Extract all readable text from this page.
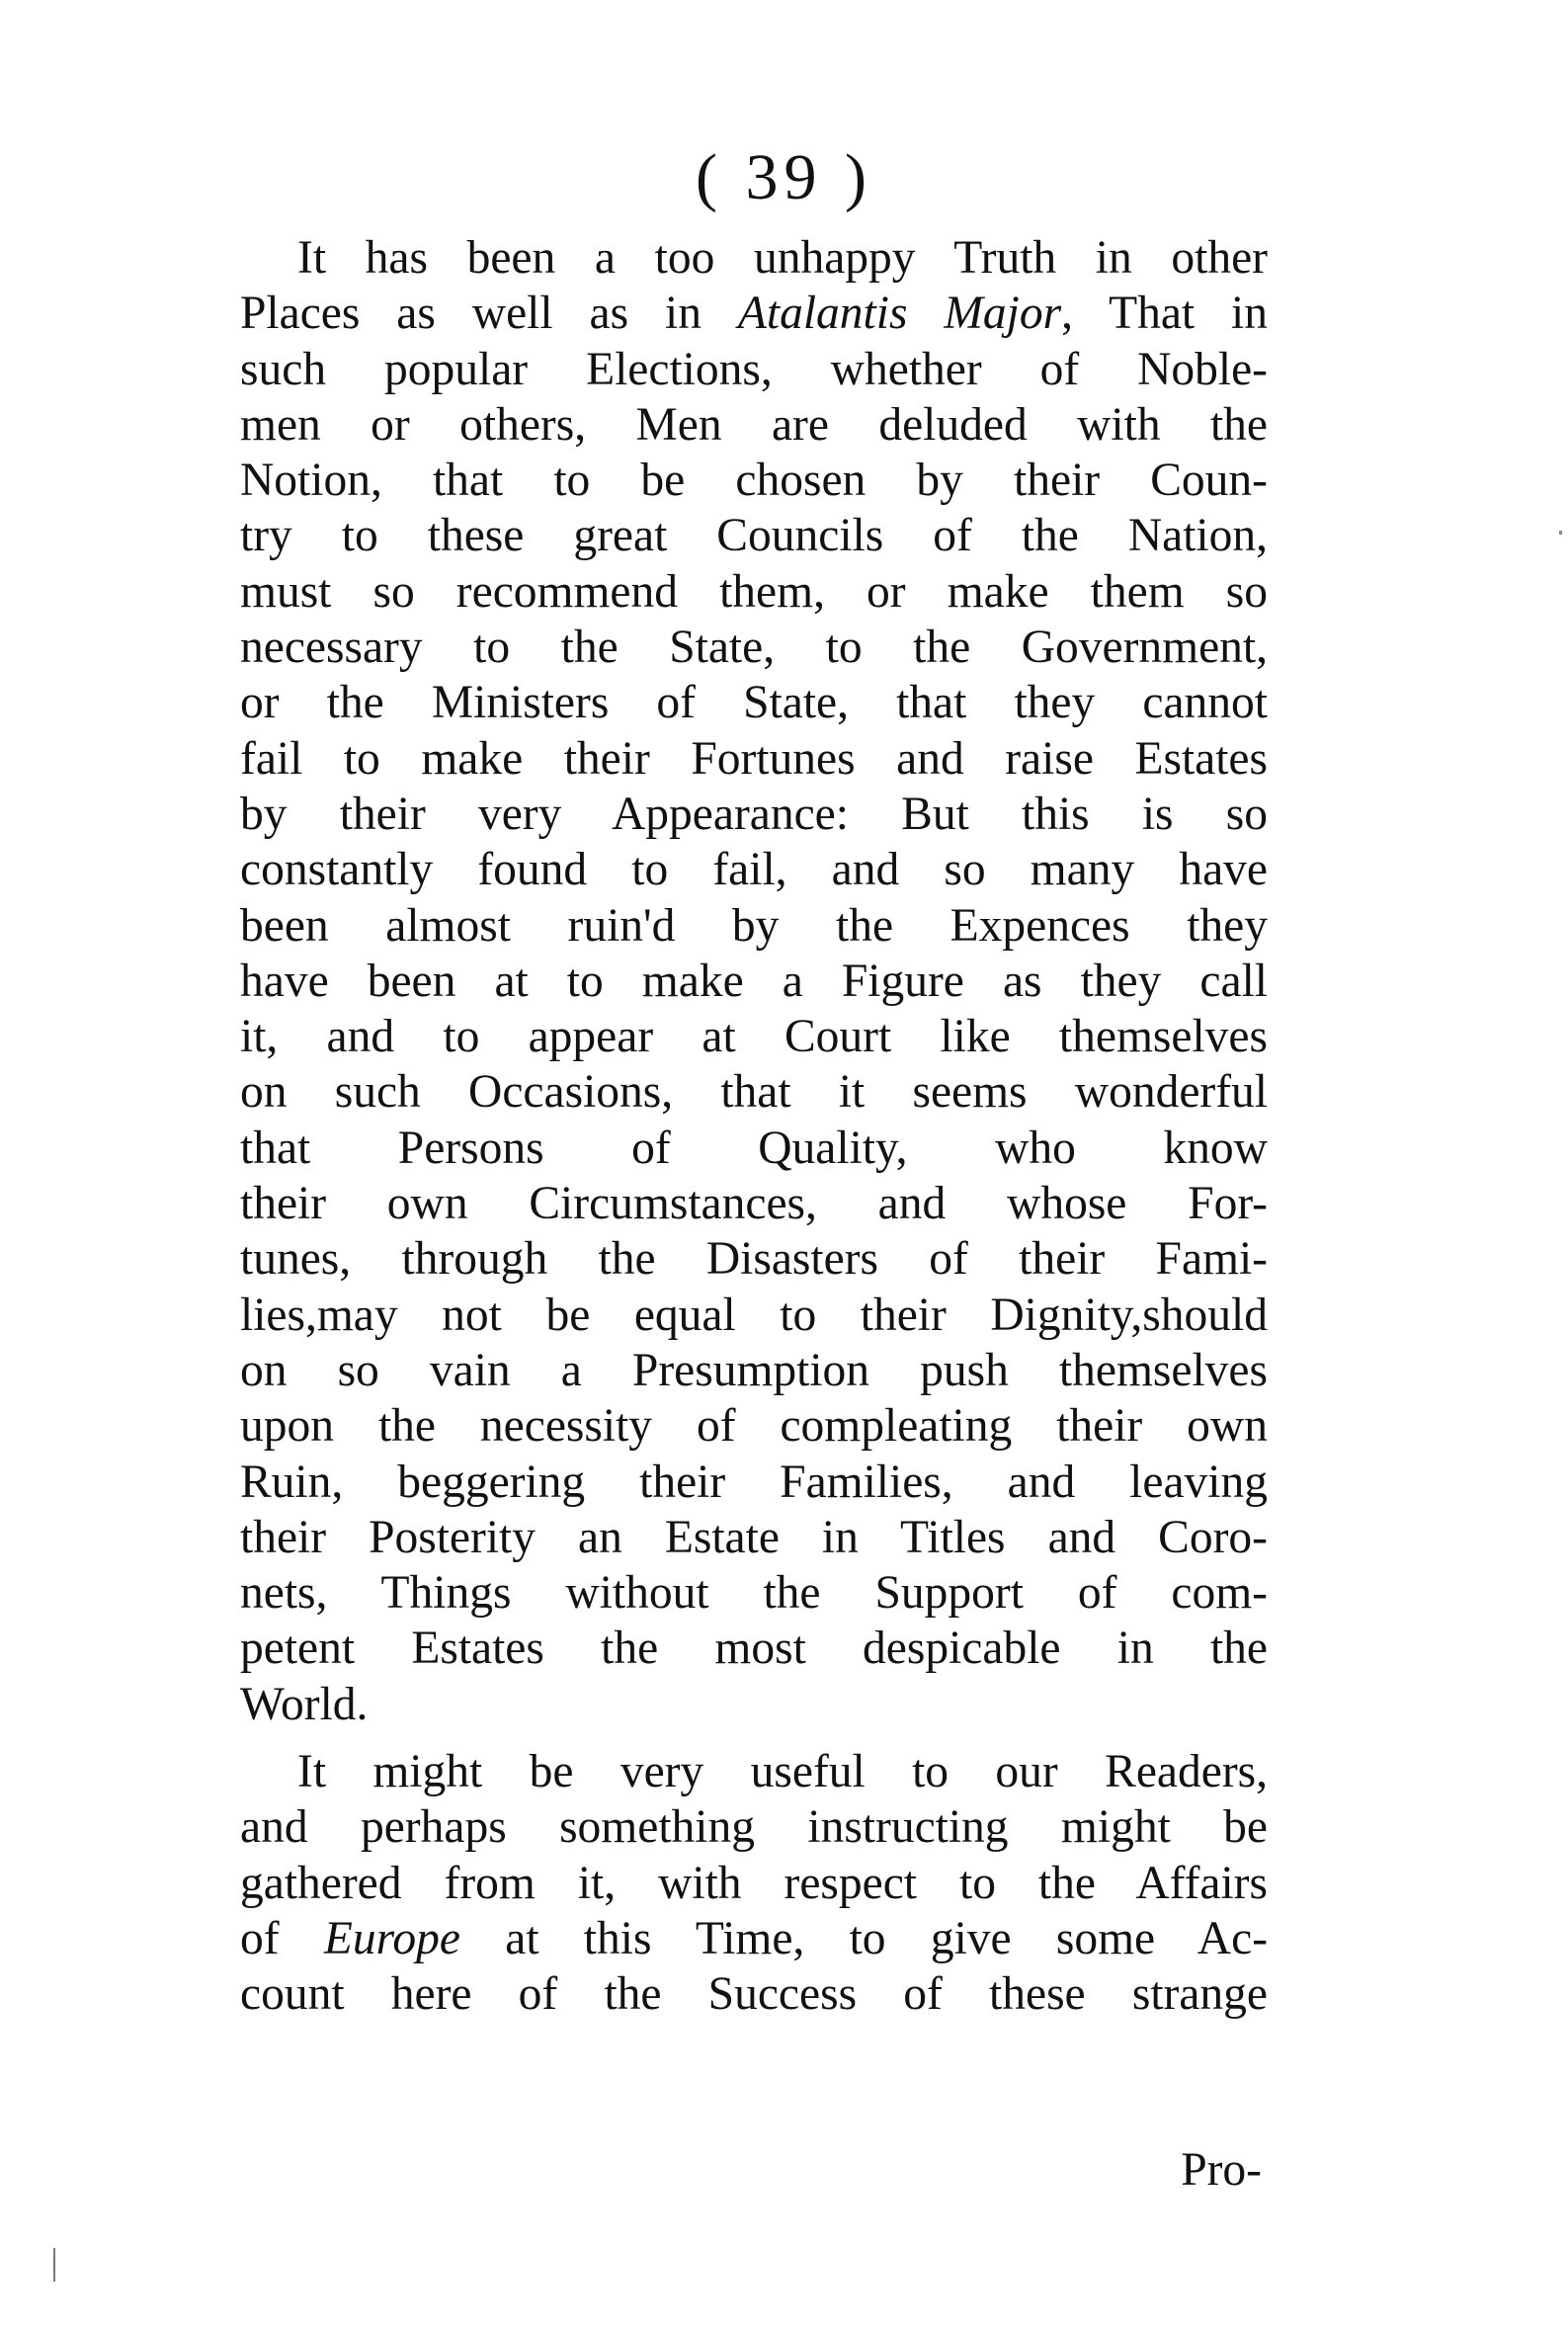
( 39 )
It has been a too unhappy Truth in other
Places as well as in Atalantis Major, That in
such popular Elections, whether of Noble-
men or others, Men are deluded with the
Notion, that to be chosen by their Coun-
try to these great Councils of the Nation,
must so recommend them, or make them so
necessary to the State, to the Government,
or the Ministers of State, that they cannot
fail to make their Fortunes and raise Estates
by their very Appearance: But this is so
constantly found to fail, and so many have
been almost ruin'd by the Expences they
have been at to make a Figure as they call
it, and to appear at Court like themselves
on such Occasions, that it seems wonderful
that Persons of Quality, who know
their own Circumstances, and whose For-
tunes, through the Disasters of their Fami-
lies,may not be equal to their Dignity,should
on so vain a Presumption push themselves
upon the necessity of compleating their own
Ruin, beggering their Families, and leaving
their Posterity an Estate in Titles and Coro-
nets, Things without the Support of com-
petent Estates the most despicable in the
World.
It might be very useful to our Readers,
and perhaps something instructing might be
gathered from it, with respect to the Affairs
of Europe at this Time, to give some Ac-
count here of the Success of these strange
Pro-
